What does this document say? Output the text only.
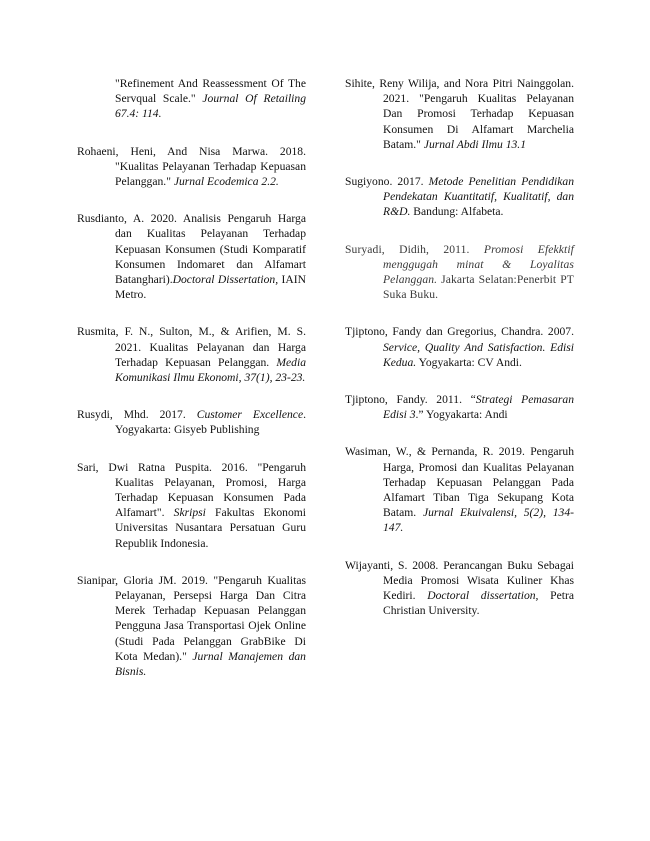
"Refinement And Reassessment Of The Servqual Scale." Journal Of Retailing 67.4: 114.

Rohaeni, Heni, And Nisa Marwa. 2018. "Kualitas Pelayanan Terhadap Kepuasan Pelanggan." Jurnal Ecodemica 2.2.

Rusdianto, A. 2020. Analisis Pengaruh Harga dan Kualitas Pelayanan Terhadap Kepuasan Konsumen (Studi Komparatif Konsumen Indomaret dan Alfamart Batanghari).Doctoral Dissertation, IAIN Metro.

Rusmita, F. N., Sulton, M., & Arifien, M. S. 2021. Kualitas Pelayanan dan Harga Terhadap Kepuasan Pelanggan. Media Komunikasi Ilmu Ekonomi, 37(1), 23-23.

Rusydi, Mhd. 2017. Customer Excellence. Yogyakarta: Gisyeb Publishing

Sari, Dwi Ratna Puspita. 2016. "Pengaruh Kualitas Pelayanan, Promosi, Harga Terhadap Kepuasan Konsumen Pada Alfamart". Skripsi Fakultas Ekonomi Universitas Nusantara Persatuan Guru Republik Indonesia.

Sianipar, Gloria JM. 2019. "Pengaruh Kualitas Pelayanan, Persepsi Harga Dan Citra Merek Terhadap Kepuasan Pelanggan Pengguna Jasa Transportasi Ojek Online (Studi Pada Pelanggan GrabBike Di Kota Medan)." Jurnal Manajemen dan Bisnis.

Sihite, Reny Wilija, and Nora Pitri Nainggolan. 2021. "Pengaruh Kualitas Pelayanan Dan Promosi Terhadap Kepuasan Konsumen Di Alfamart Marchelia Batam." Jurnal Abdi Ilmu 13.1

Sugiyono. 2017. Metode Penelitian Pendidikan Pendekatan Kuantitatif, Kualitatif, dan R&D. Bandung: Alfabeta.

Suryadi, Didih, 2011. Promosi Efekktif menggugah minat & Loyalitas Pelanggan. Jakarta Selatan:Penerbit PT Suka Buku.

Tjiptono, Fandy dan Gregorius, Chandra. 2007. Service, Quality And Satisfaction. Edisi Kedua. Yogyakarta: CV Andi.

Tjiptono, Fandy. 2011. “Strategi Pemasaran Edisi 3.” Yogyakarta: Andi

Wasiman, W., & Pernanda, R. 2019. Pengaruh Harga, Promosi dan Kualitas Pelayanan Terhadap Kepuasan Pelanggan Pada Alfamart Tiban Tiga Sekupang Kota Batam. Jurnal Ekuivalensi, 5(2), 134-147.

Wijayanti, S. 2008. Perancangan Buku Sebagai Media Promosi Wisata Kuliner Khas Kediri. Doctoral dissertation, Petra Christian University.
